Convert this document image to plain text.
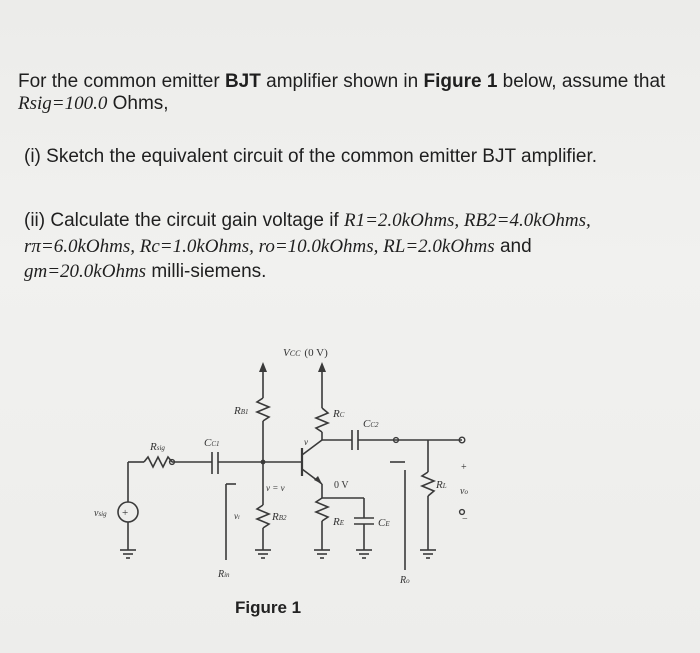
For the common emitter BJT amplifier shown in Figure 1 below, assume that
Rsig=100.0 Ohms,
(i) Sketch the equivalent circuit of the common emitter BJT amplifier.
(ii) Calculate the circuit gain voltage if R1=2.0kOhms, RB2=4.0kOhms,
rπ=6.0kOhms, Rc=1.0kOhms, ro=10.0kOhms, RL=2.0kOhms and
gm=20.0kOhms milli-siemens.
+
VCC (0 V)
Rsig
vsig
CC1
RB1
RB2
RC
CC2
RE	CE
RL vo
+
−
vi
v = v	0 V
Rin	Ro
v
Figure 1
